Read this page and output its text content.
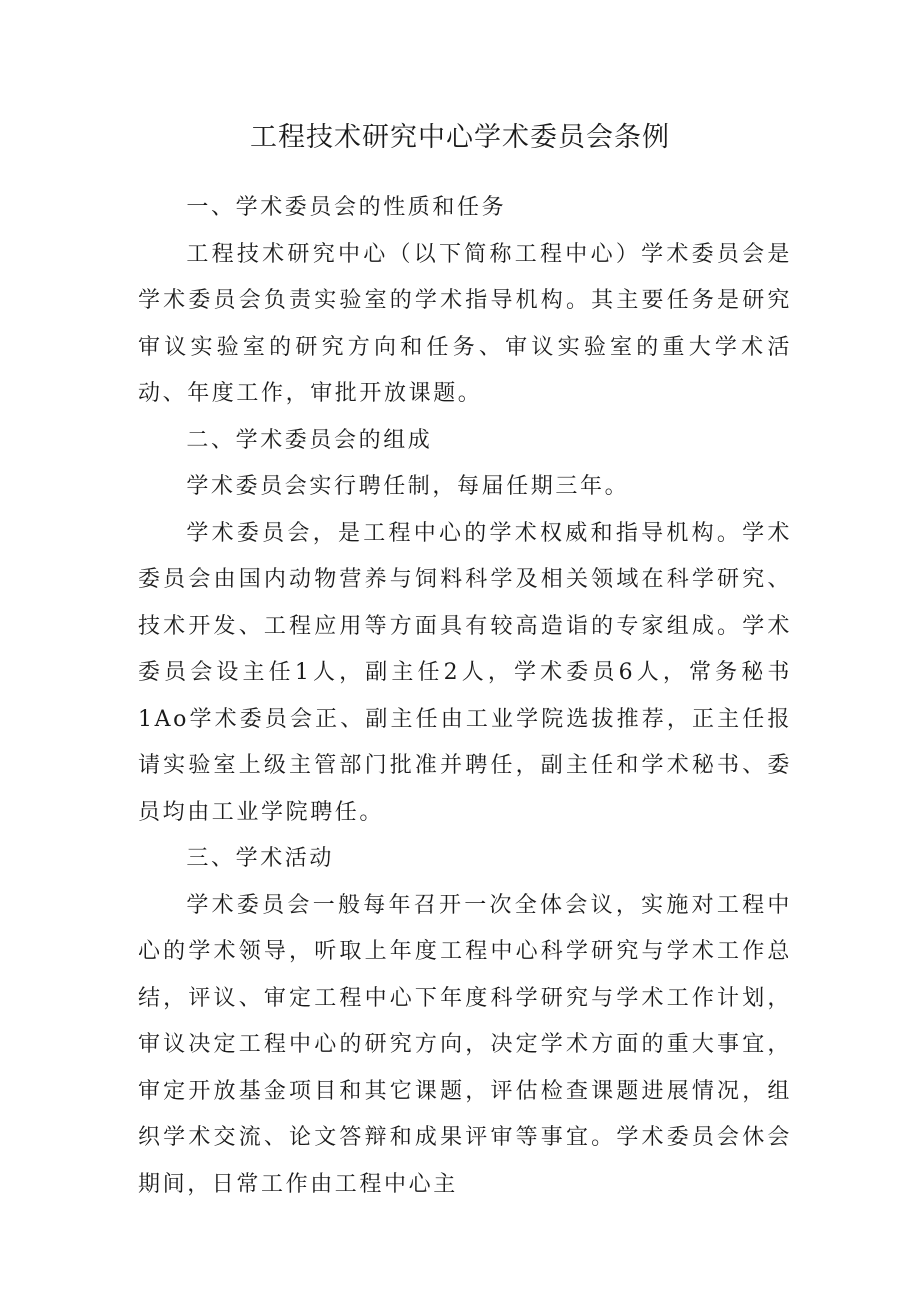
工程技术研究中心学术委员会条例

一、学术委员会的性质和任务

工程技术研究中心（以下简称工程中心）学术委员会是学术委员会负责实验室的学术指导机构。其主要任务是研究审议实验室的研究方向和任务、审议实验室的重大学术活动、年度工作，审批开放课题。

二、学术委员会的组成

学术委员会实行聘任制，每届任期三年。

学术委员会，是工程中心的学术权威和指导机构。学术委员会由国内动物营养与饲料科学及相关领域在科学研究、技术开发、工程应用等方面具有较高造诣的专家组成。学术委员会设主任1人，副主任2人，学术委员6人，常务秘书1Ao学术委员会正、副主任由工业学院选拔推荐，正主任报请实验室上级主管部门批准并聘任，副主任和学术秘书、委员均由工业学院聘任。

三、学术活动

学术委员会一般每年召开一次全体会议，实施对工程中心的学术领导，听取上年度工程中心科学研究与学术工作总结，评议、审定工程中心下年度科学研究与学术工作计划，审议决定工程中心的研究方向，决定学术方面的重大事宜，审定开放基金项目和其它课题，评估检查课题进展情况，组织学术交流、论文答辩和成果评审等事宜。学术委员会休会期间，日常工作由工程中心主
